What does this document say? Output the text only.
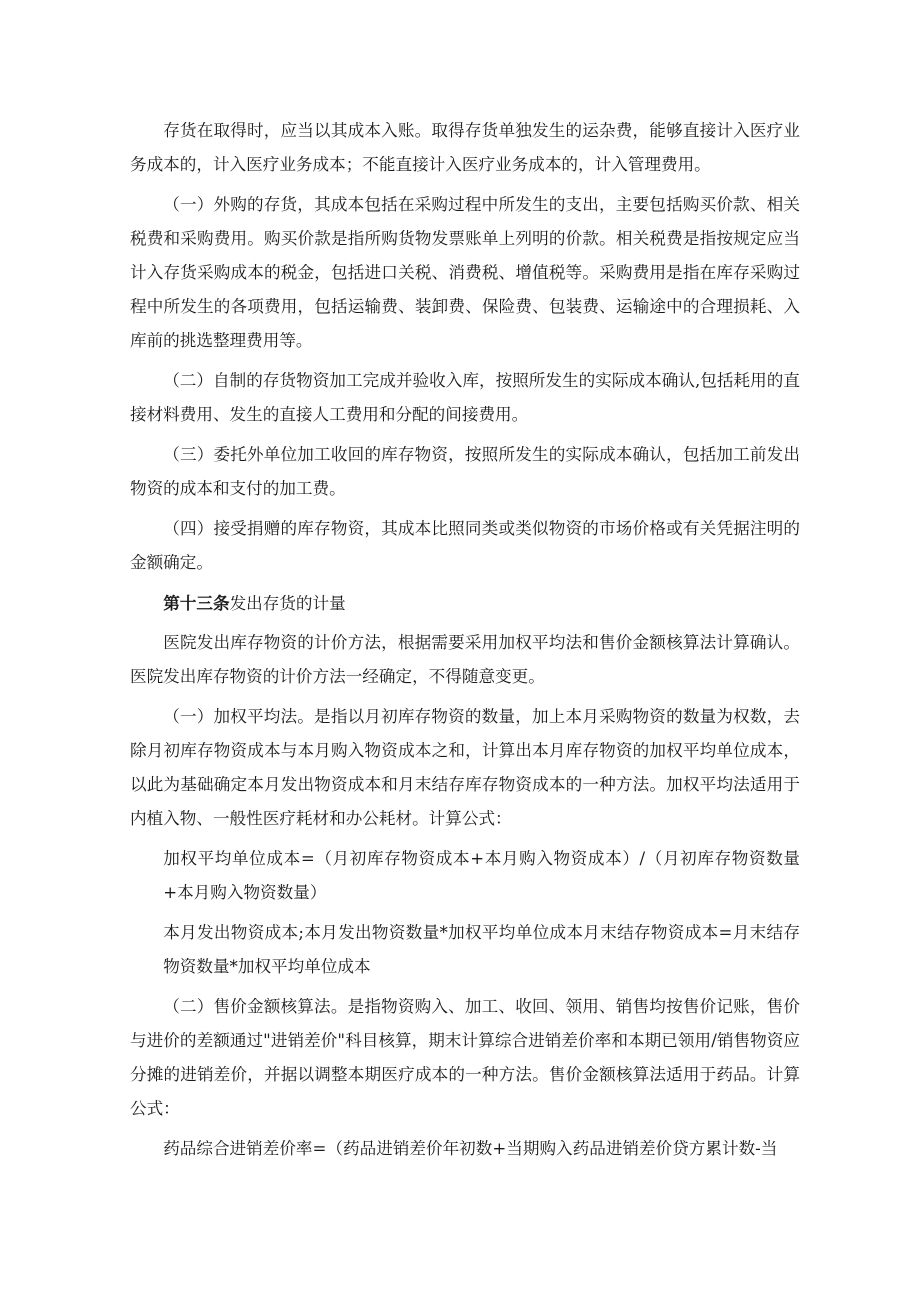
存货在取得时，应当以其成本入账。取得存货单独发生的运杂费，能够直接计入医疗业务成本的，计入医疗业务成本；不能直接计入医疗业务成本的，计入管理费用。

（一）外购的存货，其成本包括在采购过程中所发生的支出，主要包括购买价款、相关税费和采购费用。购买价款是指所购货物发票账单上列明的价款。相关税费是指按规定应当计入存货采购成本的税金，包括进口关税、消费税、增值税等。采购费用是指在库存采购过程中所发生的各项费用，包括运输费、装卸费、保险费、包装费、运输途中的合理损耗、入库前的挑选整理费用等。

（二）自制的存货物资加工完成并验收入库，按照所发生的实际成本确认,包括耗用的直接材料费用、发生的直接人工费用和分配的间接费用。

（三）委托外单位加工收回的库存物资，按照所发生的实际成本确认，包括加工前发出物资的成本和支付的加工费。

（四）接受捐赠的库存物资，其成本比照同类或类似物资的市场价格或有关凭据注明的金额确定。

第十三条发出存货的计量

医院发出库存物资的计价方法，根据需要采用加权平均法和售价金额核算法计算确认。医院发出库存物资的计价方法一经确定，不得随意变更。

（一）加权平均法。是指以月初库存物资的数量，加上本月采购物资的数量为权数，去除月初库存物资成本与本月购入物资成本之和，计算出本月库存物资的加权平均单位成本，以此为基础确定本月发出物资成本和月末结存库存物资成本的一种方法。加权平均法适用于内植入物、一般性医疗耗材和办公耗材。计算公式：

加权平均单位成本=（月初库存物资成本+本月购入物资成本）/（月初库存物资数量+本月购入物资数量）

本月发出物资成本;本月发出物资数量*加权平均单位成本月末结存物资成本=月末结存物资数量*加权平均单位成本

（二）售价金额核算法。是指物资购入、加工、收回、领用、销售均按售价记账，售价与进价的差额通过"进销差价"科目核算，期末计算综合进销差价率和本期已领用/销售物资应分摊的进销差价，并据以调整本期医疗成本的一种方法。售价金额核算法适用于药品。计算公式：

药品综合进销差价率=（药品进销差价年初数+当期购入药品进销差价贷方累计数-当
